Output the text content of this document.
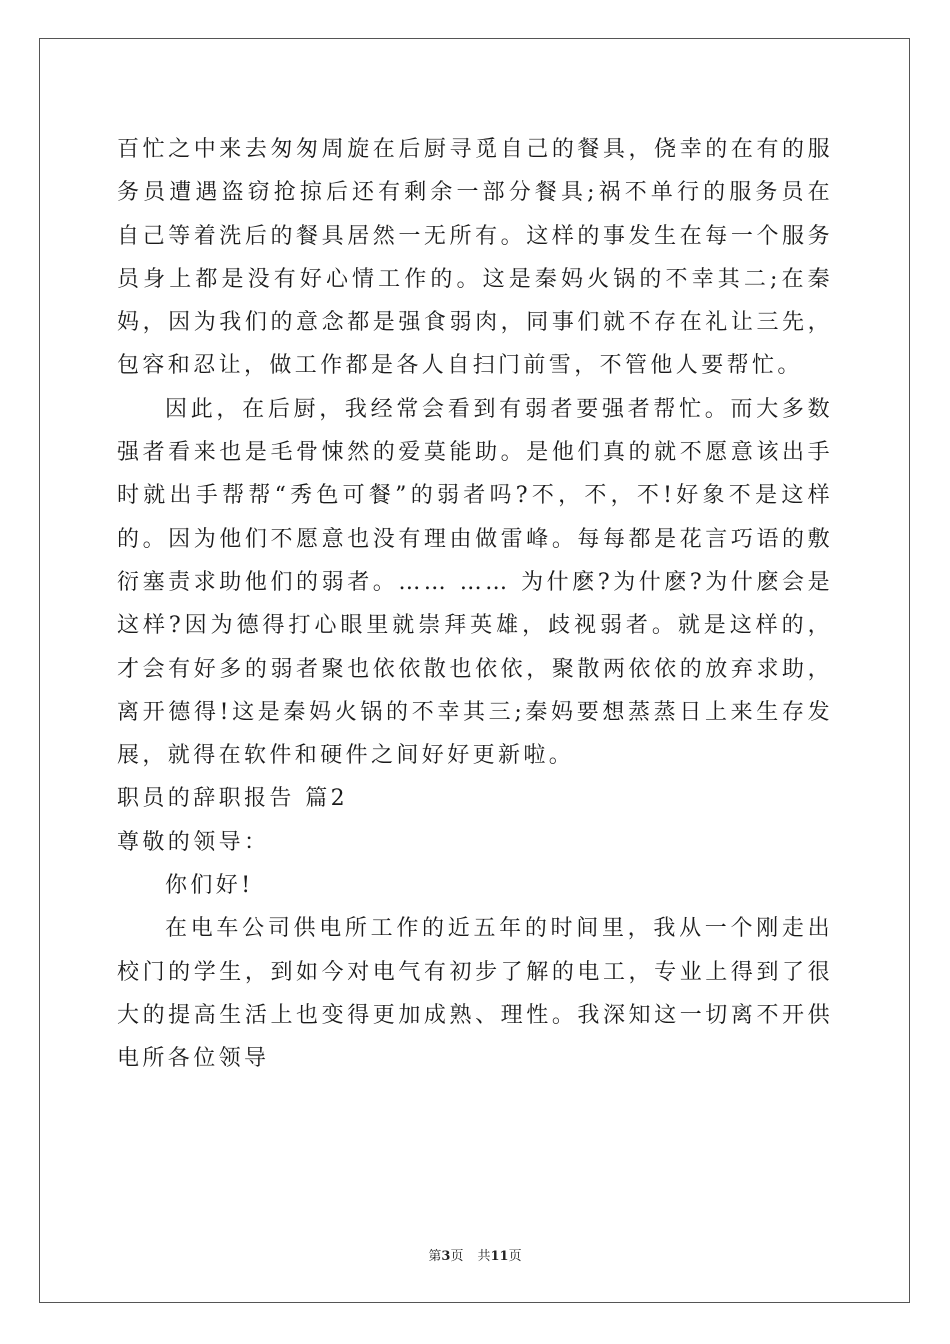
百忙之中来去匆匆周旋在后厨寻觅自己的餐具，侥幸的在有的服务员遭遇盗窃抢掠后还有剩余一部分餐具;祸不单行的服务员在自己等着洗后的餐具居然一无所有。这样的事发生在每一个服务员身上都是没有好心情工作的。这是秦妈火锅的不幸其二;在秦妈，因为我们的意念都是强食弱肉，同事们就不存在礼让三先，包容和忍让，做工作都是各人自扫门前雪，不管他人要帮忙。

因此，在后厨，我经常会看到有弱者要强者帮忙。而大多数强者看来也是毛骨悚然的爱莫能助。是他们真的就不愿意该出手时就出手帮帮“秀色可餐”的弱者吗?不，不，不!好象不是这样的。因为他们不愿意也没有理由做雷峰。每每都是花言巧语的敷衍塞责求助他们的弱者。…… …… 为什麽?为什麽?为什麽会是这样?因为德得打心眼里就崇拜英雄，歧视弱者。就是这样的，才会有好多的弱者聚也依依散也依依，聚散两依依的放弃求助，离开德得!这是秦妈火锅的不幸其三;秦妈要想蒸蒸日上来生存发展，就得在软件和硬件之间好好更新啦。

职员的辞职报告 篇2

尊敬的领导：

你们好!

在电车公司供电所工作的近五年的时间里，我从一个刚走出校门的学生，到如今对电气有初步了解的电工，专业上得到了很大的提高生活上也变得更加成熟、理性。我深知这一切离不开供电所各位领导

第3页 共11页
